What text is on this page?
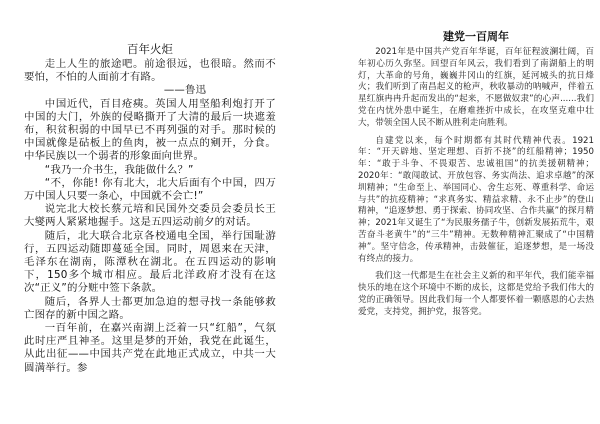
百年火炬

走上人生的旅途吧。前途很远，也很暗。然而不要怕，不怕的人面前才有路。

——鲁迅

中国近代，百目疮痍。英国人用坚船利炮打开了中国的大门，外族的侵略撕开了大清的最后一块遮羞布，积贫积弱的中国早已不再列强的对手。那时候的中国就像是砧板上的鱼肉，被一点点的剜开，分食。中华民族以一个弱者的形象面向世界。

“我乃一介书生，我能做什么？”

“不，你能! 你有北大，北大后面有个中国，四万万中国人只要一条心，中国就不会亡!”

说完北大校长蔡元培和民国外交委员会委员长王大燮两人紧紧地握手。这是五四运动前夕的对话。

随后，北大联合北京各校通电全国，举行国耻游行，五四运动随即蔓延全国。同时，周恩来在天津，毛泽东在湖南，陈潭秋在湖北。在五四运动的影响下，150多个城市相应。最后北洋政府才没有在这次“正义”的分赃中签下条款。

随后，各界人士都更加急迫的想寻找一条能够救亡图存的新中国之路。

一百年前，在嘉兴南湖上泛着一只“红船”，气氛此时庄严且神圣。这里是梦的开始，我党在此诞生，从此出征——中国共产党在此地正式成立，中共一大圆满举行。参

建党一百周年

2021年是中国共产党百年华诞，百年征程波澜壮阔，百年初心历久弥坚。回望百年风云，我们看到了南湖船上的明灯，大革命的号角，巍巍井冈山的红旗，延河城头的抗日烽火；我们听到了南昌起义的枪声，秋收暴动的呐喊声，伴着五星红旗冉冉升起而发出的“起来，不愿做奴隶”的心声......我们党在内忧外患中诞生，在磨难挫折中成长，在攻坚克难中壮大，带领全国人民不断从胜利走向胜利。

自建党以来，每个时期都有其时代精神代表。1921年：“开天辟地、坚定理想、百折不挠”的红船精神；1950年：“敢于斗争、不畏艰苦、忠诚祖国”的抗美援朝精神；2020年：“敢闯敢试、开放包容、务实尚法、追求卓越”的深圳精神；“生命至上、举国同心、舍生忘死、尊重科学、命运与共”的抗疫精神；“求真务实、精益求精、永不止步”的登山精神，“追逐梦想、勇于探索、协同攻坚、合作共赢”的探月精神；2021年又诞生了“为民服务孺子牛，创新发展拓荒牛，艰苦奋斗老黄牛”的“三牛”精神。无数种精神汇聚成了“中国精神”。坚守信念，传承精神，击鼓催征，追逐梦想，是一场没有终点的接力。

我们这一代都是生在社会主义新的和平年代，我们能幸福快乐的地在这个环境中不断的成长，这都是党给予我们伟大的党的正确领导。因此我们每一个人都要怀着一颗感恩的心去热爱党，支持党，拥护党，报答党。
